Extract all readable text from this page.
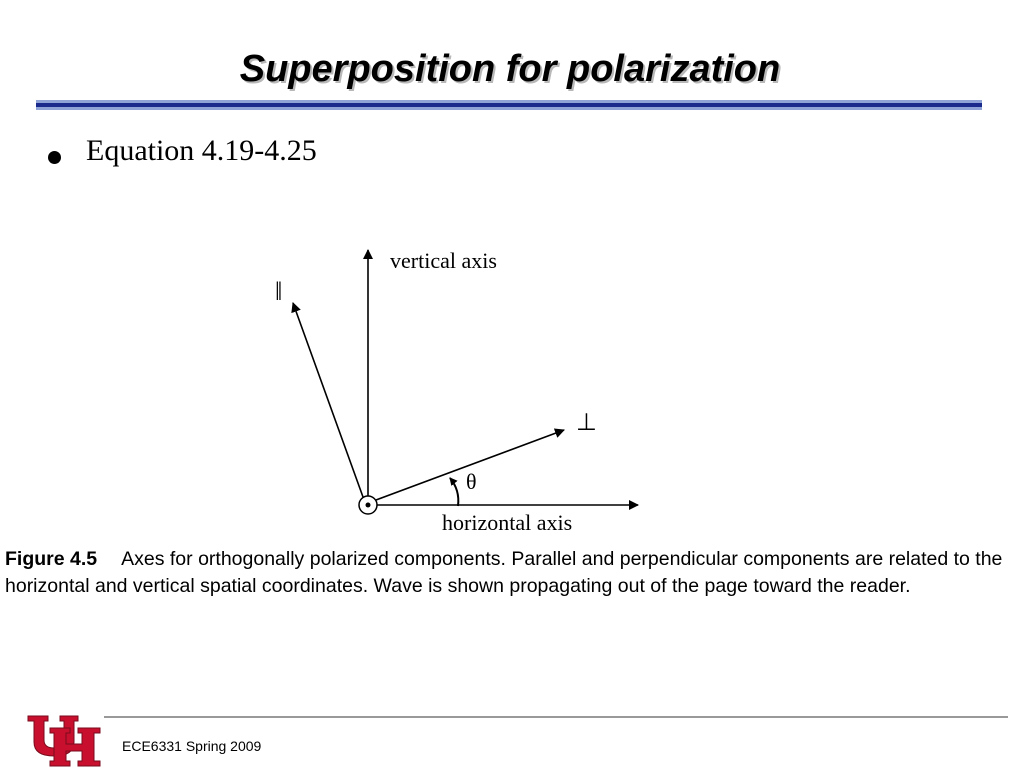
Superposition for polarization
Equation 4.19-4.25
vertical axis
horizontal axis
‖
⊥
θ
Figure 4.5 Axes for orthogonally polarized components. Parallel and perpendicular components are related to the horizontal and vertical spatial coordinates. Wave is shown propagating out of the page toward the reader.
ECE6331 Spring 2009
